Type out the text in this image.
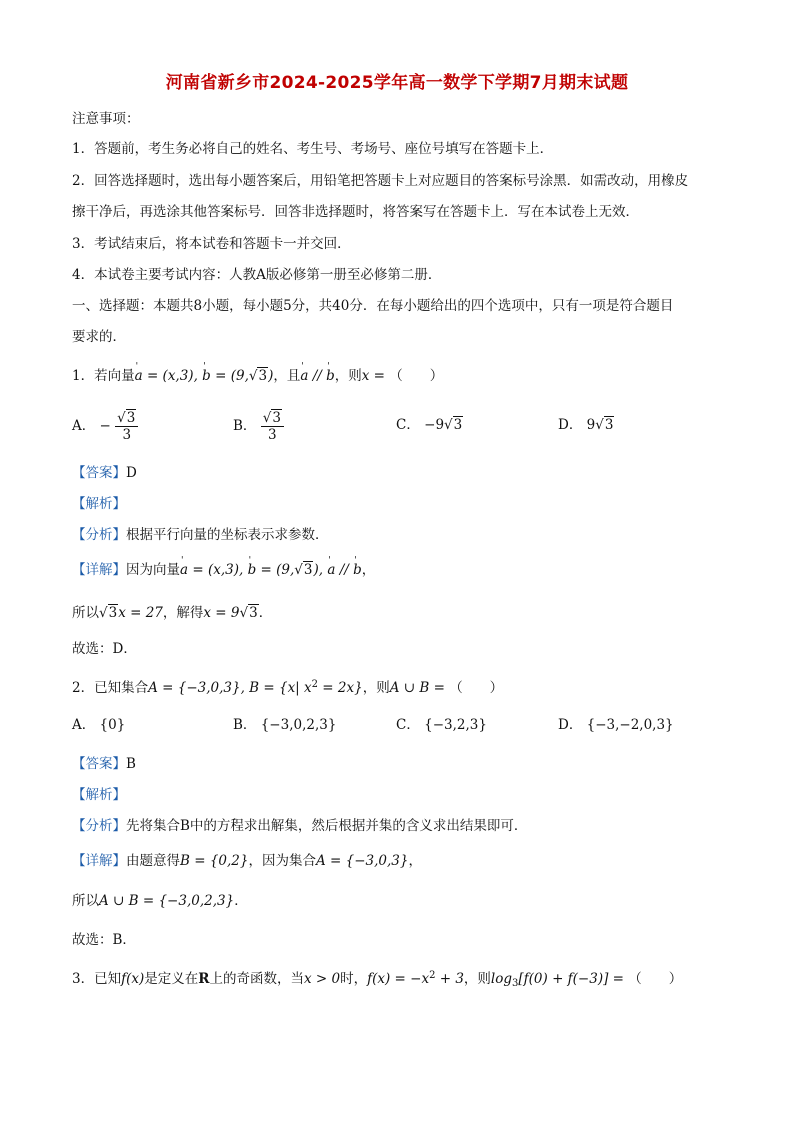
河南省新乡市2024-2025学年高一数学下学期7月期末试题
注意事项：
1．答题前，考生务必将自己的姓名、考生号、考场号、座位号填写在答题卡上．
2．回答选择题时，选出每小题答案后，用铅笔把答题卡上对应题目的答案标号涂黑．如需改动，用橡皮
擦干净后，再选涂其他答案标号．回答非选择题时，将答案写在答题卡上．写在本试卷上无效．
3．考试结束后，将本试卷和答题卡一并交回．
4．本试卷主要考试内容：人教A版必修第一册至必修第二册．
一、选择题：本题共8小题，每小题5分，共40分．在每小题给出的四个选项中，只有一项是符合题目
要求的．
1．若向量' a = (x,3), ' b = (9,√3)，且' a // ' b，则x = （　　）
A． − $\frac{√3}{3}$	B． $\frac{√3}{3}$	C． −9√3	D． 9√3
【答案】D
【解析】
【分析】根据平行向量的坐标表示求参数．
【详解】因为向量' a = (x,3), ' b = (9,√3), ' a // ' b，
所以√3x = 27，解得x = 9√3．
故选：D．
2．已知集合A = {−3,0,3}, B = {x| $x^2 = 2x$}，则A ∪ B = （　　）
A． {0}	B． {−3,0,2,3}	C． {−3,2,3}	D． {−3,−2,0,3}
【答案】B
【解析】
【分析】先将集合B中的方程求出解集，然后根据并集的含义求出结果即可．
【详解】由题意得B = {0,2}，因为集合A = {−3,0,3}，
所以A ∪ B = {−3,0,2,3}．
故选：B．
3．已知f(x)是定义在R上的奇函数，当x > 0时，$f(x) = -x^2 + 3$，则$\log_3[f(0) + f(-3)]$ = （　　）
